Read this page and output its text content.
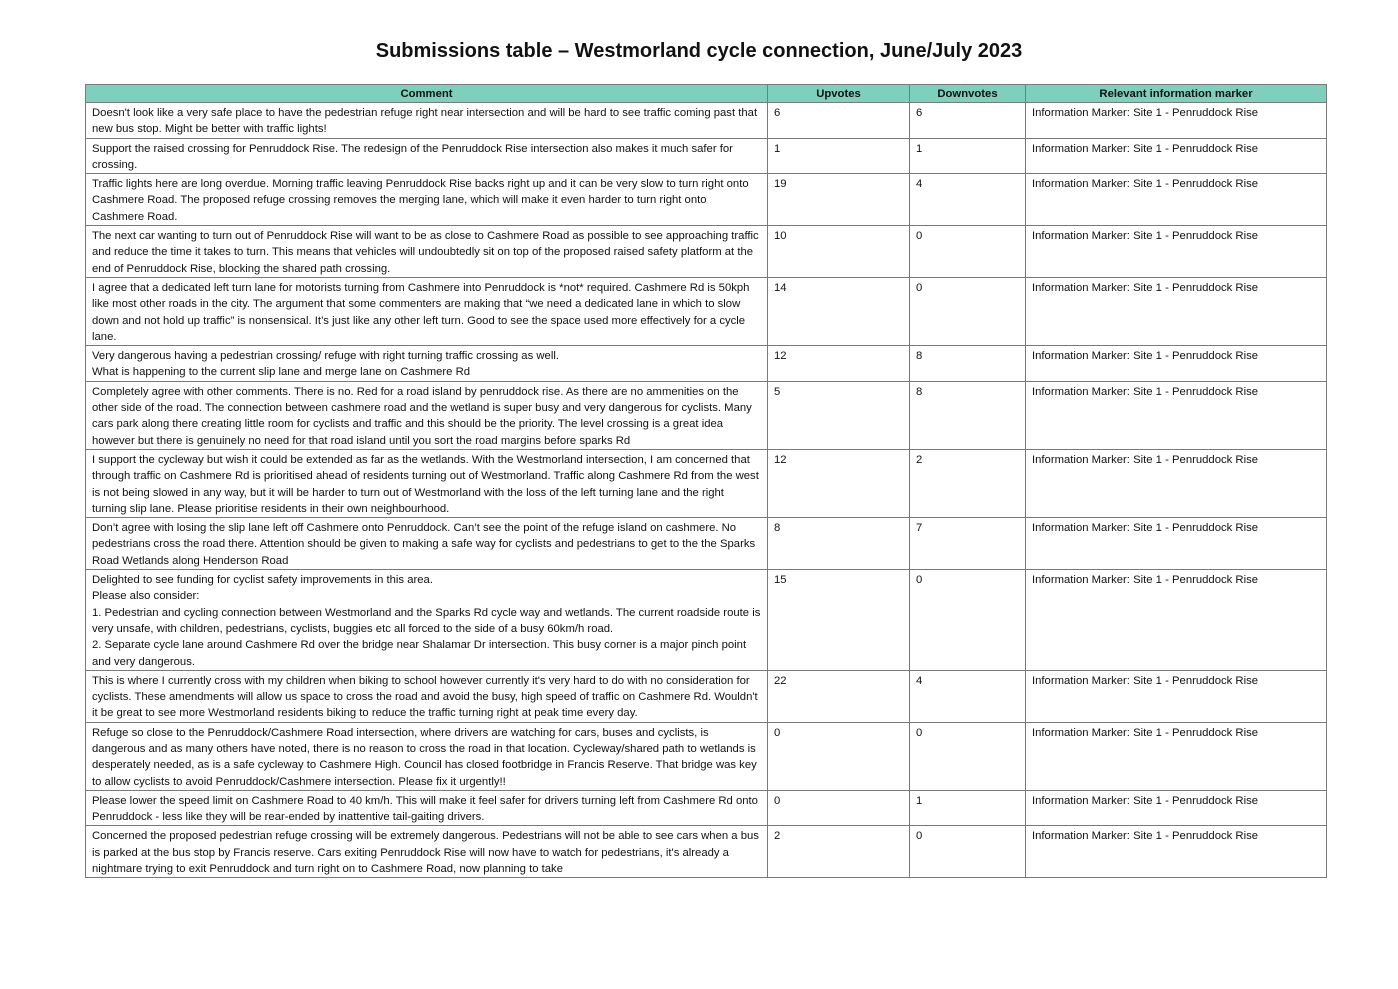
Submissions table – Westmorland cycle connection, June/July 2023
Comment	Upvotes	Downvotes	Relevant information marker
Doesn't look like a very safe place to have the pedestrian refuge right near intersection and will be hard to see traffic coming past that new bus stop. Might be better with traffic lights!	6	6	Information Marker: Site 1 - Penruddock Rise
Support the raised crossing for Penruddock Rise. The redesign of the Penruddock Rise intersection also makes it much safer for crossing.	1	1	Information Marker: Site 1 - Penruddock Rise
Traffic lights here are long overdue. Morning traffic leaving Penruddock Rise backs right up and it can be very slow to turn right onto Cashmere Road. The proposed refuge crossing removes the merging lane, which will make it even harder to turn right onto Cashmere Road.	19	4	Information Marker: Site 1 - Penruddock Rise
The next car wanting to turn out of Penruddock Rise will want to be as close to Cashmere Road as possible to see approaching traffic and reduce the time it takes to turn. This means that vehicles will undoubtedly sit on top of the proposed raised safety platform at the end of Penruddock Rise, blocking the shared path crossing.	10	0	Information Marker: Site 1 - Penruddock Rise
I agree that a dedicated left turn lane for motorists turning from Cashmere into Penruddock is *not* required. Cashmere Rd is 50kph like most other roads in the city. The argument that some commenters are making that “we need a dedicated lane in which to slow down and not hold up traffic” is nonsensical. It’s just like any other left turn. Good to see the space used more effectively for a cycle lane.	14	0	Information Marker: Site 1 - Penruddock Rise
Very dangerous having a pedestrian crossing/ refuge with right turning traffic crossing as well.
What is happening to the current slip lane and merge lane on Cashmere Rd	12	8	Information Marker: Site 1 - Penruddock Rise
Completely agree with other comments. There is no. Red for a road island by penruddock rise. As there are no ammenities on the other side of the road. The connection between cashmere road and the wetland is super busy and very dangerous for cyclists. Many cars park along there creating little room for cyclists and traffic and this should be the priority. The level crossing is a great idea however but there is genuinely no need for that road island until you sort the road margins before sparks Rd	5	8	Information Marker: Site 1 - Penruddock Rise
I support the cycleway but wish it could be extended as far as the wetlands. With the Westmorland intersection, I am concerned that through traffic on Cashmere Rd is prioritised ahead of residents turning out of Westmorland. Traffic along Cashmere Rd from the west is not being slowed in any way, but it will be harder to turn out of Westmorland with the loss of the left turning lane and the right turning slip lane. Please prioritise residents in their own neighbourhood.	12	2	Information Marker: Site 1 - Penruddock Rise
Don’t agree with losing the slip lane left off Cashmere onto Penruddock. Can’t see the point of the refuge island on cashmere. No pedestrians cross the road there. Attention should be given to making a safe way for cyclists and pedestrians to get to the the Sparks Road Wetlands along Henderson Road	8	7	Information Marker: Site 1 - Penruddock Rise
Delighted to see funding for cyclist safety improvements in this area.
Please also consider:
1. Pedestrian and cycling connection between Westmorland and the Sparks Rd cycle way and wetlands. The current roadside route is very unsafe, with children, pedestrians, cyclists, buggies etc all forced to the side of a busy 60km/h road.
2. Separate cycle lane around Cashmere Rd over the bridge near Shalamar Dr intersection. This busy corner is a major pinch point and very dangerous.	15	0	Information Marker: Site 1 - Penruddock Rise
This is where I currently cross with my children when biking to school however currently it's very hard to do with no consideration for cyclists. These amendments will allow us space to cross the road and avoid the busy, high speed of traffic on Cashmere Rd. Wouldn't it be great to see more Westmorland residents biking to reduce the traffic turning right at peak time every day.	22	4	Information Marker: Site 1 - Penruddock Rise
Refuge so close to the Penruddock/Cashmere Road intersection, where drivers are watching for cars, buses and cyclists, is dangerous and as many others have noted, there is no reason to cross the road in that location. Cycleway/shared path to wetlands is desperately needed, as is a safe cycleway to Cashmere High. Council has closed footbridge in Francis Reserve. That bridge was key to allow cyclists to avoid Penruddock/Cashmere intersection. Please fix it urgently!!	0	0	Information Marker: Site 1 - Penruddock Rise
Please lower the speed limit on Cashmere Road to 40 km/h. This will make it feel safer for drivers turning left from Cashmere Rd onto Penruddock - less like they will be rear-ended by inattentive tail-gaiting drivers.	0	1	Information Marker: Site 1 - Penruddock Rise
Concerned the proposed pedestrian refuge crossing will be extremely dangerous. Pedestrians will not be able to see cars when a bus is parked at the bus stop by Francis reserve. Cars exiting Penruddock Rise will now have to watch for pedestrians, it's already a nightmare trying to exit Penruddock and turn right on to Cashmere Road, now planning to take	2	0	Information Marker: Site 1 - Penruddock Rise
